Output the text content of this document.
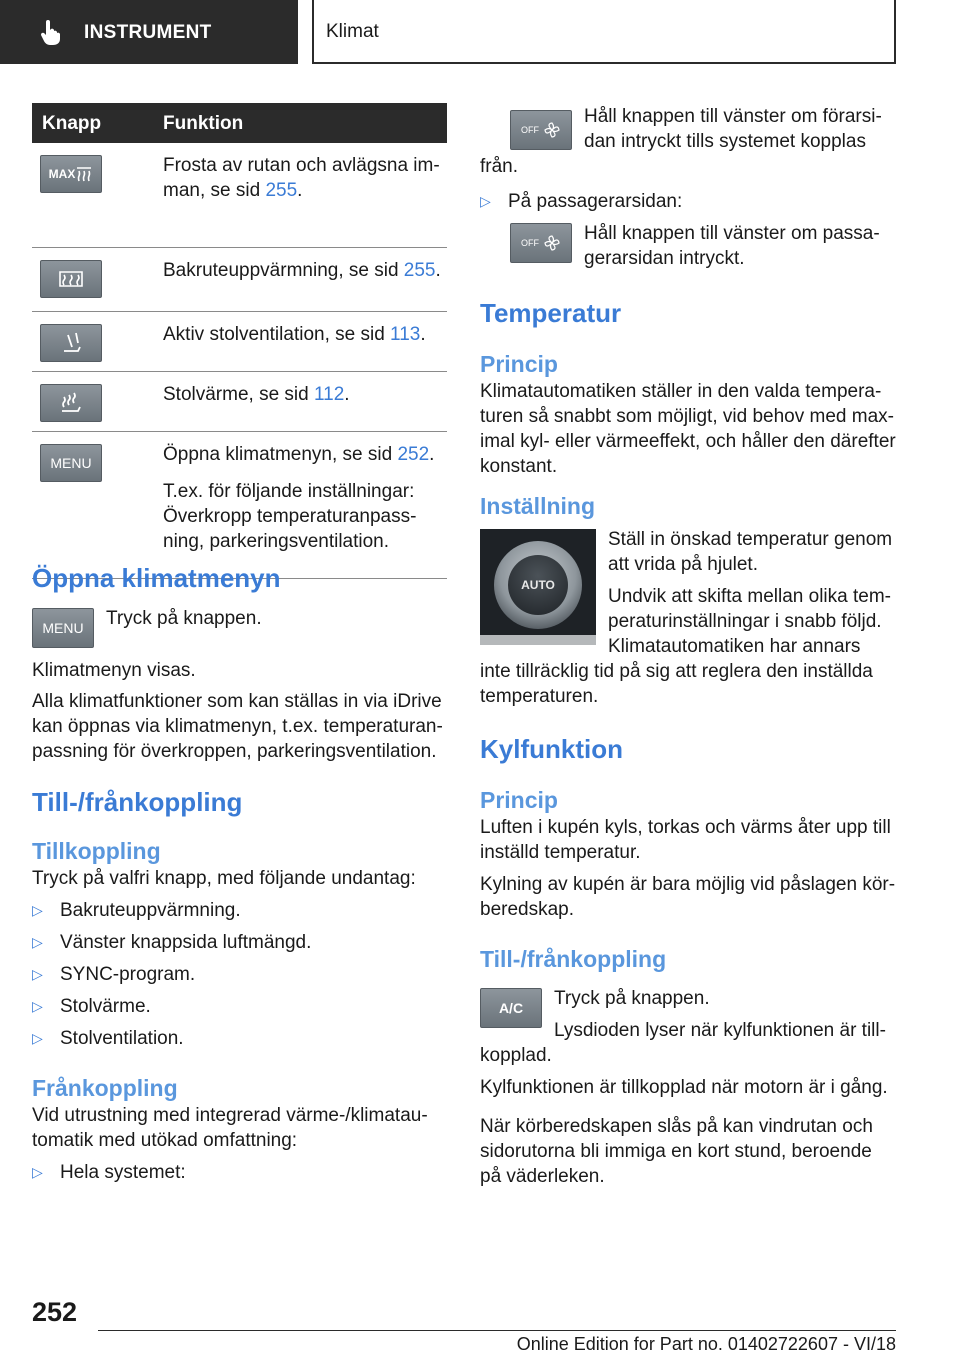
INSTRUMENT	Klimat
Knapp	Funktion
MAX	Frosta av rutan och avlägsna imman, se sid 255.

Bakruteuppvärmning, se sid 255.

Aktiv stolventilation, se sid 113.

Stolvärme, se sid 112.

MENU	Öppna klimatmenyn, se sid 252.

T.ex. för följande inställningar: Överkropp temperaturanpassning, parkeringsventilation.

Öppna klimatmenyn
MENU	Tryck på knappen.

Klimatmenyn visas.

Alla klimatfunktioner som kan ställas in via iDrive kan öppnas via klimatmenyn, t.ex. temperaturanpassning för överkroppen, parkeringsventilation.

Till-/frånkoppling
Tillkoppling

Tryck på valfri knapp, med följande undantag:

▷ Bakruteuppvärmning.
▷ Vänster knappsida luftmängd.
▷ SYNC-program.
▷ Stolvärme.
▷ Stolventilation.
Frånkoppling

Vid utrustning med integrerad värme-/klimatautomatik med utökad omfattning:

▷ Hela systemet:
OFF

Håll knappen till vänster om förarsidan intryckt tills systemet kopplas från.

▷ På passagerarsidan:
OFF	Håll knappen till vänster om passagerarsidan intryckt.

Temperatur
Princip

Klimatautomatiken ställer in den valda temperaturen så snabbt som möjligt, vid behov med maximal kyl- eller värmeeffekt, och håller den därefter konstant.

Inställning
AUTO

Ställ in önskad temperatur genom att vrida på hjulet.

Undvik att skifta mellan olika temperaturinställningar i snabb följd. Klimatautomatiken har annars inte tillräcklig tid på sig att reglera den inställda temperaturen.

Kylfunktion
Princip

Luften i kupén kyls, torkas och värms åter upp till inställd temperatur.

Kylning av kupén är bara möjlig vid påslagen körberedskap.

Till-/frånkoppling
A/C	Tryck på knappen.

Lysdioden lyser när kylfunktionen är tillkopplad.

Kylfunktionen är tillkopplad när motorn är i gång.

När körberedskapen slås på kan vindrutan och sidorutorna bli immiga en kort stund, beroende på väderleken.

252
Online Edition for Part no. 01402722607 - VI/18
